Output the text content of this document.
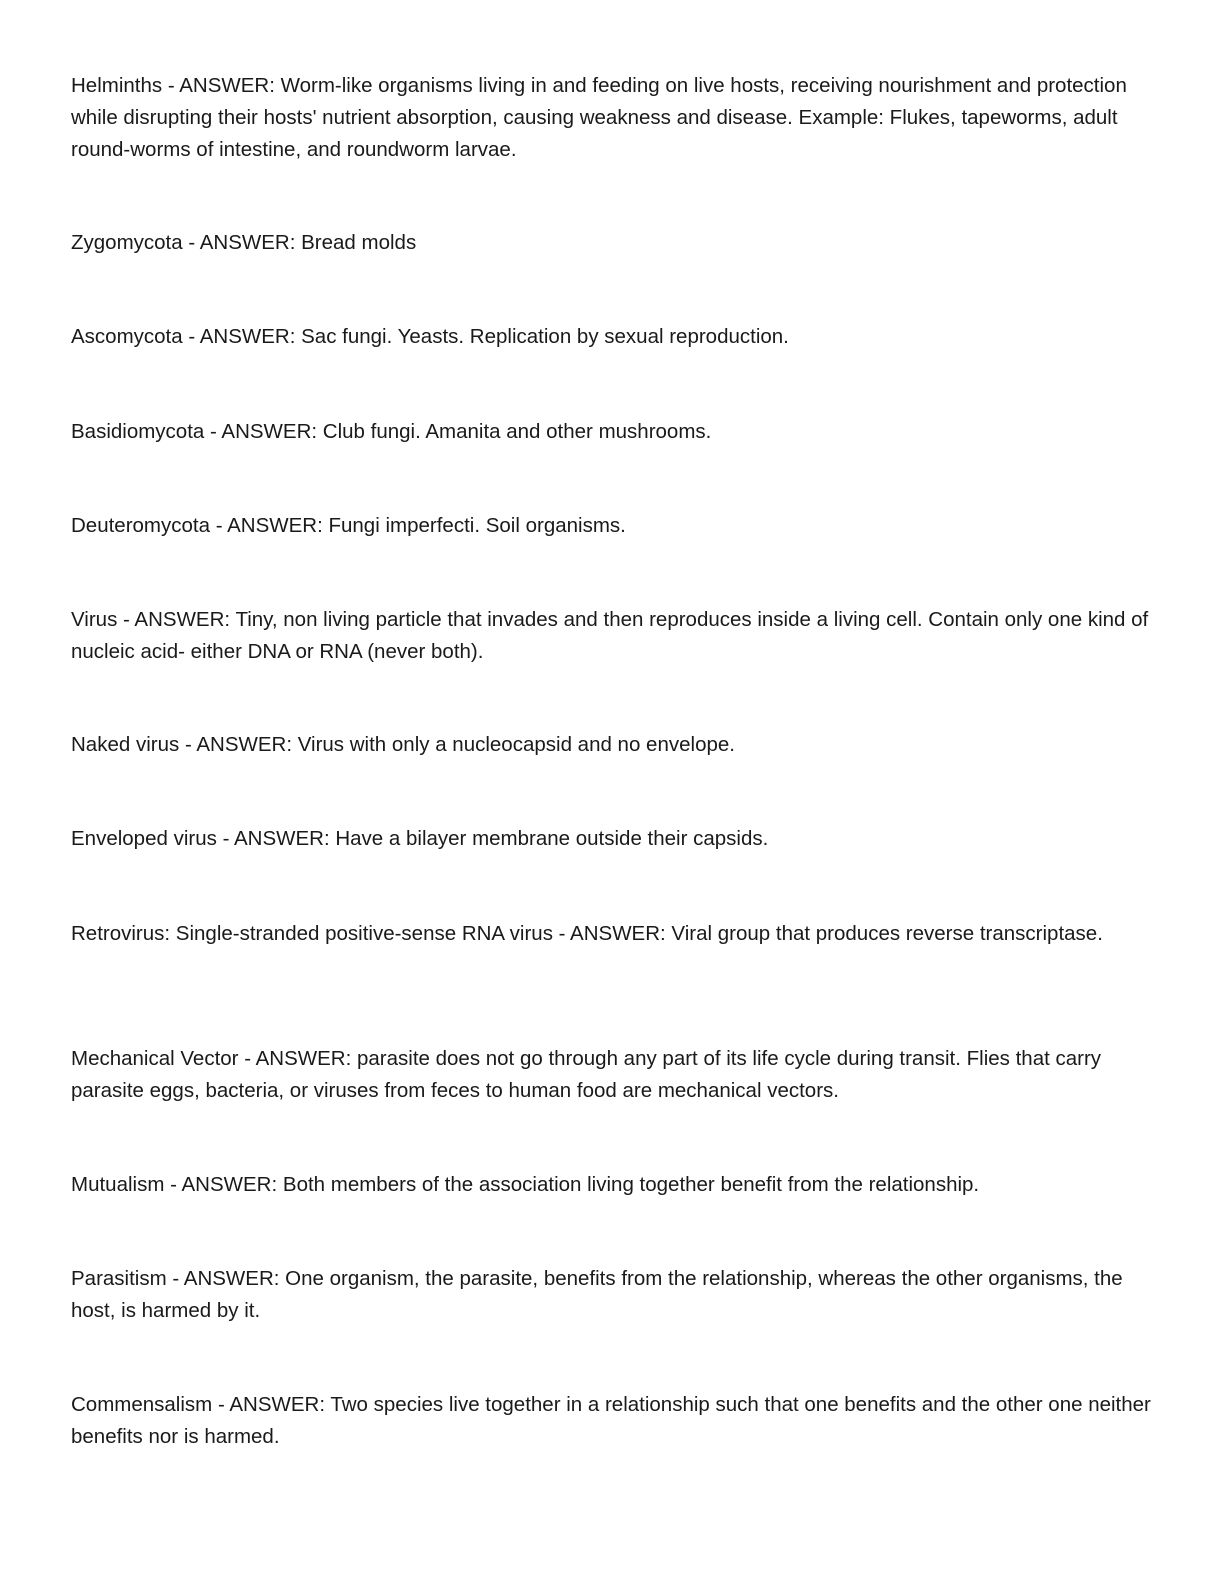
Helminths - ANSWER: Worm-like organisms living in and feeding on live hosts, receiving nourishment and protection while disrupting their hosts' nutrient absorption, causing weakness and disease. Example: Flukes, tapeworms, adult round-worms of intestine, and roundworm larvae.

Zygomycota - ANSWER: Bread molds

Ascomycota - ANSWER: Sac fungi. Yeasts. Replication by sexual reproduction.

Basidiomycota - ANSWER: Club fungi. Amanita and other mushrooms.

Deuteromycota - ANSWER: Fungi imperfecti. Soil organisms.

Virus - ANSWER: Tiny, non living particle that invades and then reproduces inside a living cell. Contain only one kind of nucleic acid- either DNA or RNA (never both).

Naked virus - ANSWER: Virus with only a nucleocapsid and no envelope.

Enveloped virus - ANSWER: Have a bilayer membrane outside their capsids.

Retrovirus: Single-stranded positive-sense RNA virus - ANSWER: Viral group that produces reverse transcriptase.

Mechanical Vector - ANSWER: parasite does not go through any part of its life cycle during transit. Flies that carry parasite eggs, bacteria, or viruses from feces to human food are mechanical vectors.

Mutualism - ANSWER: Both members of the association living together benefit from the relationship.

Parasitism - ANSWER: One organism, the parasite, benefits from the relationship, whereas the other organisms, the host, is harmed by it.

Commensalism - ANSWER: Two species live together in a relationship such that one benefits and the other one neither benefits nor is harmed.
